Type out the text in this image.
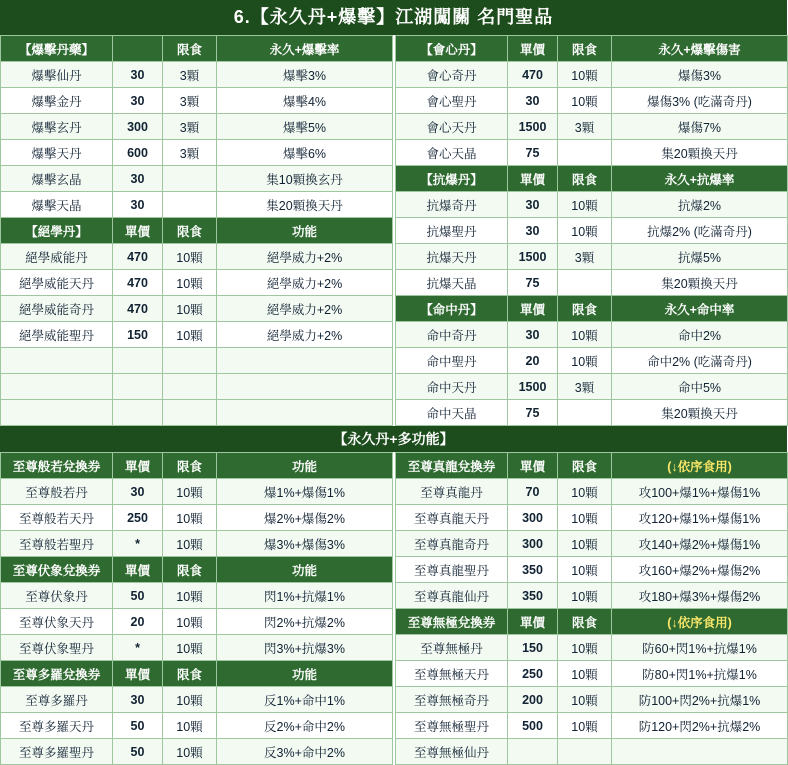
6.【永久丹+爆擊】江湖闖關 名門聖品
【爆擊丹藥】		限食	永久+爆擊率		【會心丹】	單價	限食	永久+爆擊傷害
爆擊仙丹	30	3顆	爆擊3%		會心奇丹	470	10顆	爆傷3%
爆擊金丹	30	3顆	爆擊4%		會心聖丹	30	10顆	爆傷3% (吃滿奇丹)
爆擊玄丹	300	3顆	爆擊5%		會心天丹	1500	3顆	爆傷7%
爆擊天丹	600	3顆	爆擊6%		會心天晶	75		集20顆換天丹
爆擊玄晶	30		集10顆換玄丹		【抗爆丹】	單價	限食	永久+抗爆率
爆擊天晶	30		集20顆換天丹		抗爆奇丹	30	10顆	抗爆2%
【絕學丹】	單價	限食	功能		抗爆聖丹	30	10顆	抗爆2% (吃滿奇丹)
絕學威能丹	470	10顆	絕學威力+2%		抗爆天丹	1500	3顆	抗爆5%
絕學威能天丹	470	10顆	絕學威力+2%		抗爆天晶	75		集20顆換天丹
絕學威能奇丹	470	10顆	絕學威力+2%		【命中丹】	單價	限食	永久+命中率
絕學威能聖丹	150	10顆	絕學威力+2%		命中奇丹	30	10顆	命中2%
					命中聖丹	20	10顆	命中2% (吃滿奇丹)
					命中天丹	1500	3顆	命中5%
					命中天晶	75		集20顆換天丹
【永久丹+多功能】
至尊般若兌換券	單價	限食	功能		至尊真龍兌換券	單價	限食	(↓依序食用)
至尊般若丹	30	10顆	爆1%+爆傷1%		至尊真龍丹	70	10顆	攻100+爆1%+爆傷1%
至尊般若天丹	250	10顆	爆2%+爆傷2%		至尊真龍天丹	300	10顆	攻120+爆1%+爆傷1%
至尊般若聖丹	*	10顆	爆3%+爆傷3%		至尊真龍奇丹	300	10顆	攻140+爆2%+爆傷1%
至尊伏象兌換券	單價	限食	功能		至尊真龍聖丹	350	10顆	攻160+爆2%+爆傷2%
至尊伏象丹	50	10顆	閃1%+抗爆1%		至尊真龍仙丹	350	10顆	攻180+爆3%+爆傷2%
至尊伏象天丹	20	10顆	閃2%+抗爆2%		至尊無極兌換券	單價	限食	(↓依序食用)
至尊伏象聖丹	*	10顆	閃3%+抗爆3%		至尊無極丹	150	10顆	防60+閃1%+抗爆1%
至尊多羅兌換券	單價	限食	功能		至尊無極天丹	250	10顆	防80+閃1%+抗爆1%
至尊多羅丹	30	10顆	反1%+命中1%		至尊無極奇丹	200	10顆	防100+閃2%+抗爆1%
至尊多羅天丹	50	10顆	反2%+命中2%		至尊無極聖丹	500	10顆	防120+閃2%+抗爆2%
至尊多羅聖丹	50	10顆	反3%+命中2%		至尊無極仙丹			
